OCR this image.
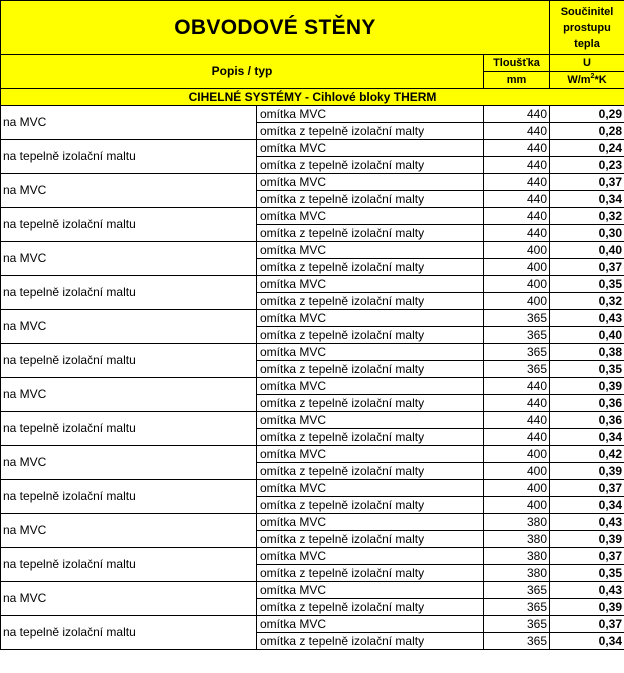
OBVODOVÉ STĚNY			Součinitel
prostupu
tepla

Popis / typ		Tloušťka	U
		mm	$W/m^2*K$
CIHELNÉ SYSTÉMY - Cihlové bloky THERM			
na MVC	omítka MVC	440	0,29
	omítka z tepelně izolační malty	440	0,28
na tepelně izolační maltu	omítka MVC	440	0,24
	omítka z tepelně izolační malty	440	0,23
na MVC	omítka MVC	440	0,37
	omítka z tepelně izolační malty	440	0,34
na tepelně izolační maltu	omítka MVC	440	0,32
	omítka z tepelně izolační malty	440	0,30
na MVC	omítka MVC	400	0,40
	omítka z tepelně izolační malty	400	0,37
na tepelně izolační maltu	omítka MVC	400	0,35
	omítka z tepelně izolační malty	400	0,32
na MVC	omítka MVC	365	0,43
	omítka z tepelně izolační malty	365	0,40
na tepelně izolační maltu	omítka MVC	365	0,38
	omítka z tepelně izolační malty	365	0,35
na MVC	omítka MVC	440	0,39
	omítka z tepelně izolační malty	440	0,36
na tepelně izolační maltu	omítka MVC	440	0,36
	omítka z tepelně izolační malty	440	0,34
na MVC	omítka MVC	400	0,42
	omítka z tepelně izolační malty	400	0,39
na tepelně izolační maltu	omítka MVC	400	0,37
	omítka z tepelně izolační malty	400	0,34
na MVC	omítka MVC	380	0,43
	omítka z tepelně izolační malty	380	0,39
na tepelně izolační maltu	omítka MVC	380	0,37
	omítka z tepelně izolační malty	380	0,35
na MVC	omítka MVC	365	0,43
	omítka z tepelně izolační malty	365	0,39
na tepelně izolační maltu	omítka MVC	365	0,37
	omítka z tepelně izolační malty	365	0,34
